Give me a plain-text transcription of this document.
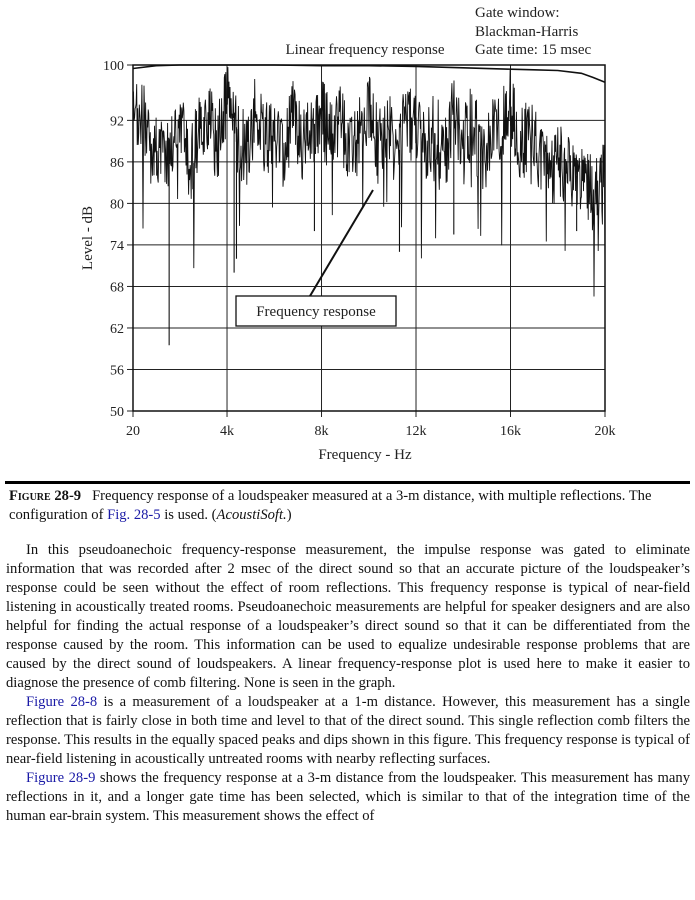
50
56
62
68
74
80
86
92
100
20	4k	8k	12k	16k	20k
Linear frequency response
Gate window:
Blackman-Harris
Gate time: 15 msec
Frequency response
Frequency - Hz
Level - dB
Figure 28-9 Frequency response of a loudspeaker measured at a 3-m distance, with multiple reflections. The configuration of Fig. 28-5 is used. (AcoustiSoft.)

In this pseudoanechoic frequency-response measurement, the impulse response was gated to eliminate information that was recorded after 2 msec of the direct sound so that an accurate picture of the loudspeaker’s response could be seen without the effect of room reflections. This frequency response is typical of near-field listening in acoustically treated rooms. Pseudoanechoic measurements are helpful for speaker designers and are also helpful for finding the actual response of a loudspeaker’s direct sound so that it can be differentiated from the response caused by the room. This information can be used to equalize undesirable response problems that are caused by the direct sound of loudspeakers. A linear frequency-response plot is used here to make it easier to diagnose the presence of comb filtering. None is seen in the graph.

Figure 28-8 is a measurement of a loudspeaker at a 1-m distance. However, this measurement has a single reflection that is fairly close in both time and level to that of the direct sound. This single reflection comb filters the response. This results in the equally spaced peaks and dips shown in this figure. This frequency response is typical of near-field listening in acoustically untreated rooms with nearby reflecting surfaces.

Figure 28-9 shows the frequency response at a 3-m distance from the loudspeaker. This measurement has many reflections in it, and a longer gate time has been selected, which is similar to that of the integration time of the human ear-brain system. This measurement shows the effect of
